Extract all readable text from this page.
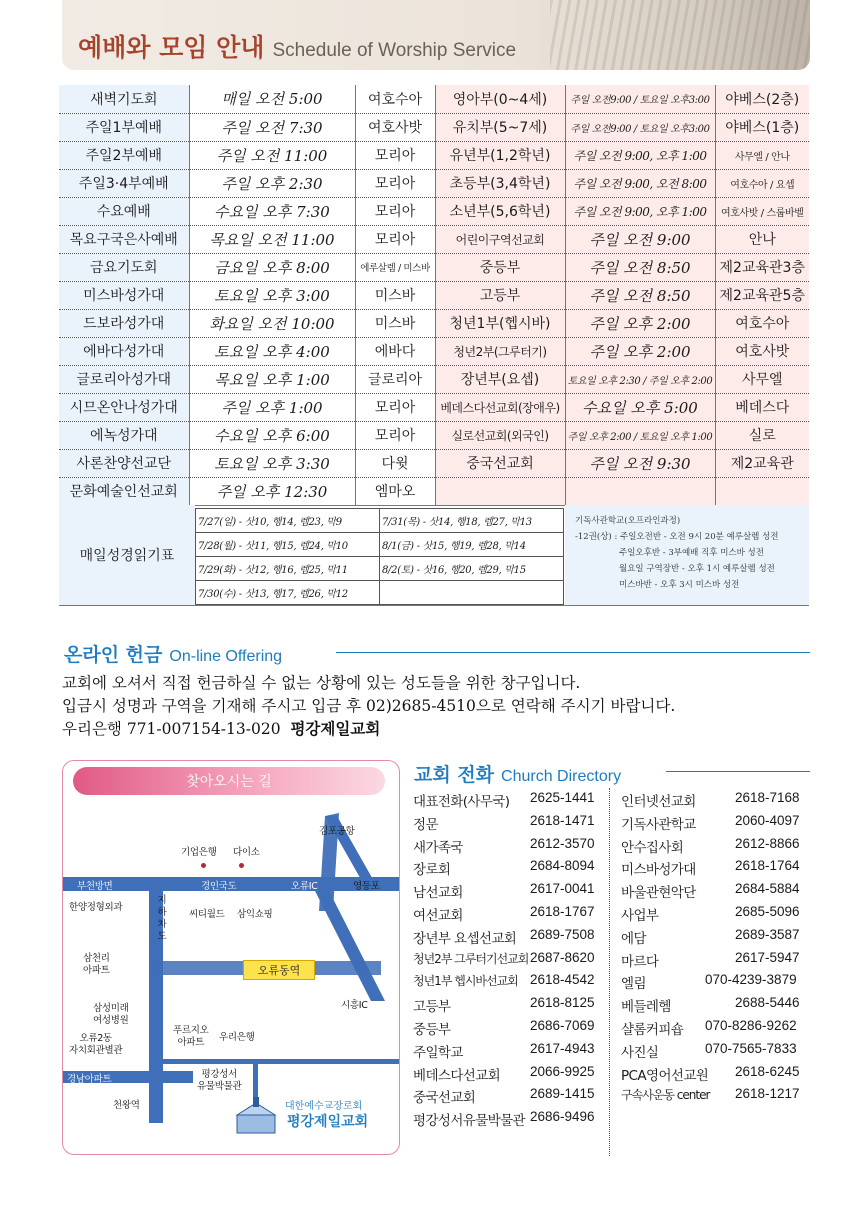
예배와 모임 안내 Schedule of Worship Service
새벽기도회	매일 오전 5:00	여호수아	영아부(0~4세)	주일 오전9:00 / 토요일 오후3:00	야베스(2층)
주일1부예배	주일 오전 7:30	여호사밧	유치부(5~7세)	주일 오전9:00 / 토요일 오후3:00	야베스(1층)
주일2부예배	주일 오전 11:00	모리아	유년부(1,2학년)	주일 오전 9:00, 오후 1:00	사무엘 / 안나
주일3·4부예배	주일 오후 2:30	모리아	초등부(3,4학년)	주일 오전 9:00, 오전 8:00	여호수아 / 요셉
수요예배	수요일 오후 7:30	모리아	소년부(5,6학년)	주일 오전 9:00, 오후 1:00	여호사밧 / 스룹바벨
목요구국은사예배	목요일 오전 11:00	모리아	어린이구역선교회	주일 오전 9:00	안나
금요기도회	금요일 오후 8:00	에루살렘 / 미스바	중등부	주일 오전 8:50	제2교육관3층
미스바성가대	토요일 오후 3:00	미스바	고등부	주일 오전 8:50	제2교육관5층
드보라성가대	화요일 오전 10:00	미스바	청년1부(헵시바)	주일 오후 2:00	여호수아
에바다성가대	토요일 오후 4:00	에바다	청년2부(그루터기)	주일 오후 2:00	여호사밧
글로리아성가대	목요일 오후 1:00	글로리아	장년부(요셉)	토요일 오후 2:30 / 주일 오후 2:00	사무엘
시므온안나성가대	주일 오후 1:00	모리아	베데스다선교회(장애우)	수요일 오후 5:00	베데스다
에녹성가대	수요일 오후 6:00	모리아	실로선교회(외국인)	주일 오후 2:00 / 토요일 오후 1:00	실로
사론찬양선교단	토요일 오후 3:30	다윗	중국선교회	주일 오전 9:30	제2교육관
문화예술인선교회	주일 오후 12:30	엠마오			
매일성경읽기표
7/27(일) - 삿10, 행14, 렘23, 막9	7/31(목) - 삿14, 행18, 렘27, 막13
7/28(월) - 삿11, 행15, 렘24, 막10	8/1(금) - 삿15, 행19, 렘28, 막14
7/29(화) - 삿12, 행16, 렘25, 막11	8/2(토) - 삿16, 행20, 렘29, 막15
7/30(수) - 삿13, 행17, 렘26, 막12	
기독사관학교(오프라인과정)
-12권(상) : 주일오전반 - 오전 9시 20분 예루살렘 성전
주일오후반 - 3부예배 직후 미스바 성전
월요일 구역장반 - 오후 1시 예루살렘 성전
미스바반 - 오후 3시 미스바 성전
온라인 헌금 On-line Offering
교회에 오셔서 직접 헌금하실 수 없는 상황에 있는 성도들을 위한 창구입니다.
입금시 성명과 구역을 기재해 주시고 입금 후 02)2685-4510으로 연락해 주시기 바랍니다.
우리은행 771-007154-13-020 평강제일교회
찾아오시는 길
김포공항
기업은행 다이소
부천방면	경인국도	오류IC	영등포
한양정형외과
지하차도
씨티월드 삼익쇼핑
삼천리
아파트	오류동역
시흥IC
삼성미래
여성병원
오류2동
자치회관별관
푸르지오
아파트	우리은행
경남아파트	평강성서
유물박물관
천왕역	대한예수교장로회
평강제일교회
교회 전화 Church Directory
대표전화(사무국) 2625-1441
정문	2618-1471
새가족국	2612-3570
장로회	2684-8094
남선교회	2617-0041
여선교회	2618-1767
장년부 요셉선교회 2689-7508
청년2부 그루터기선교회 2687-8620
청년1부 헵시바선교회 2618-4542
고등부	2618-8125
중등부	2686-7069
주일학교	2617-4943
베데스다선교회 2066-9925
중국선교회	2689-1415
평강성서유물박물관 2686-9496
인터넷선교회	2618-7168
기독사관학교	2060-4097
안수집사회	2612-8866
미스바성가대	2618-1764
바울관현악단	2684-5884
사업부	2685-5096
에담	2689-3587
마르다	2617-5947
엘림	070-4239-3879
베들레헴	2688-5446
샬롬커피숍 070-8286-9262
사진실	070-7565-7833
PCA영어선교원 2618-6245
구속사운동 center 2618-1217
